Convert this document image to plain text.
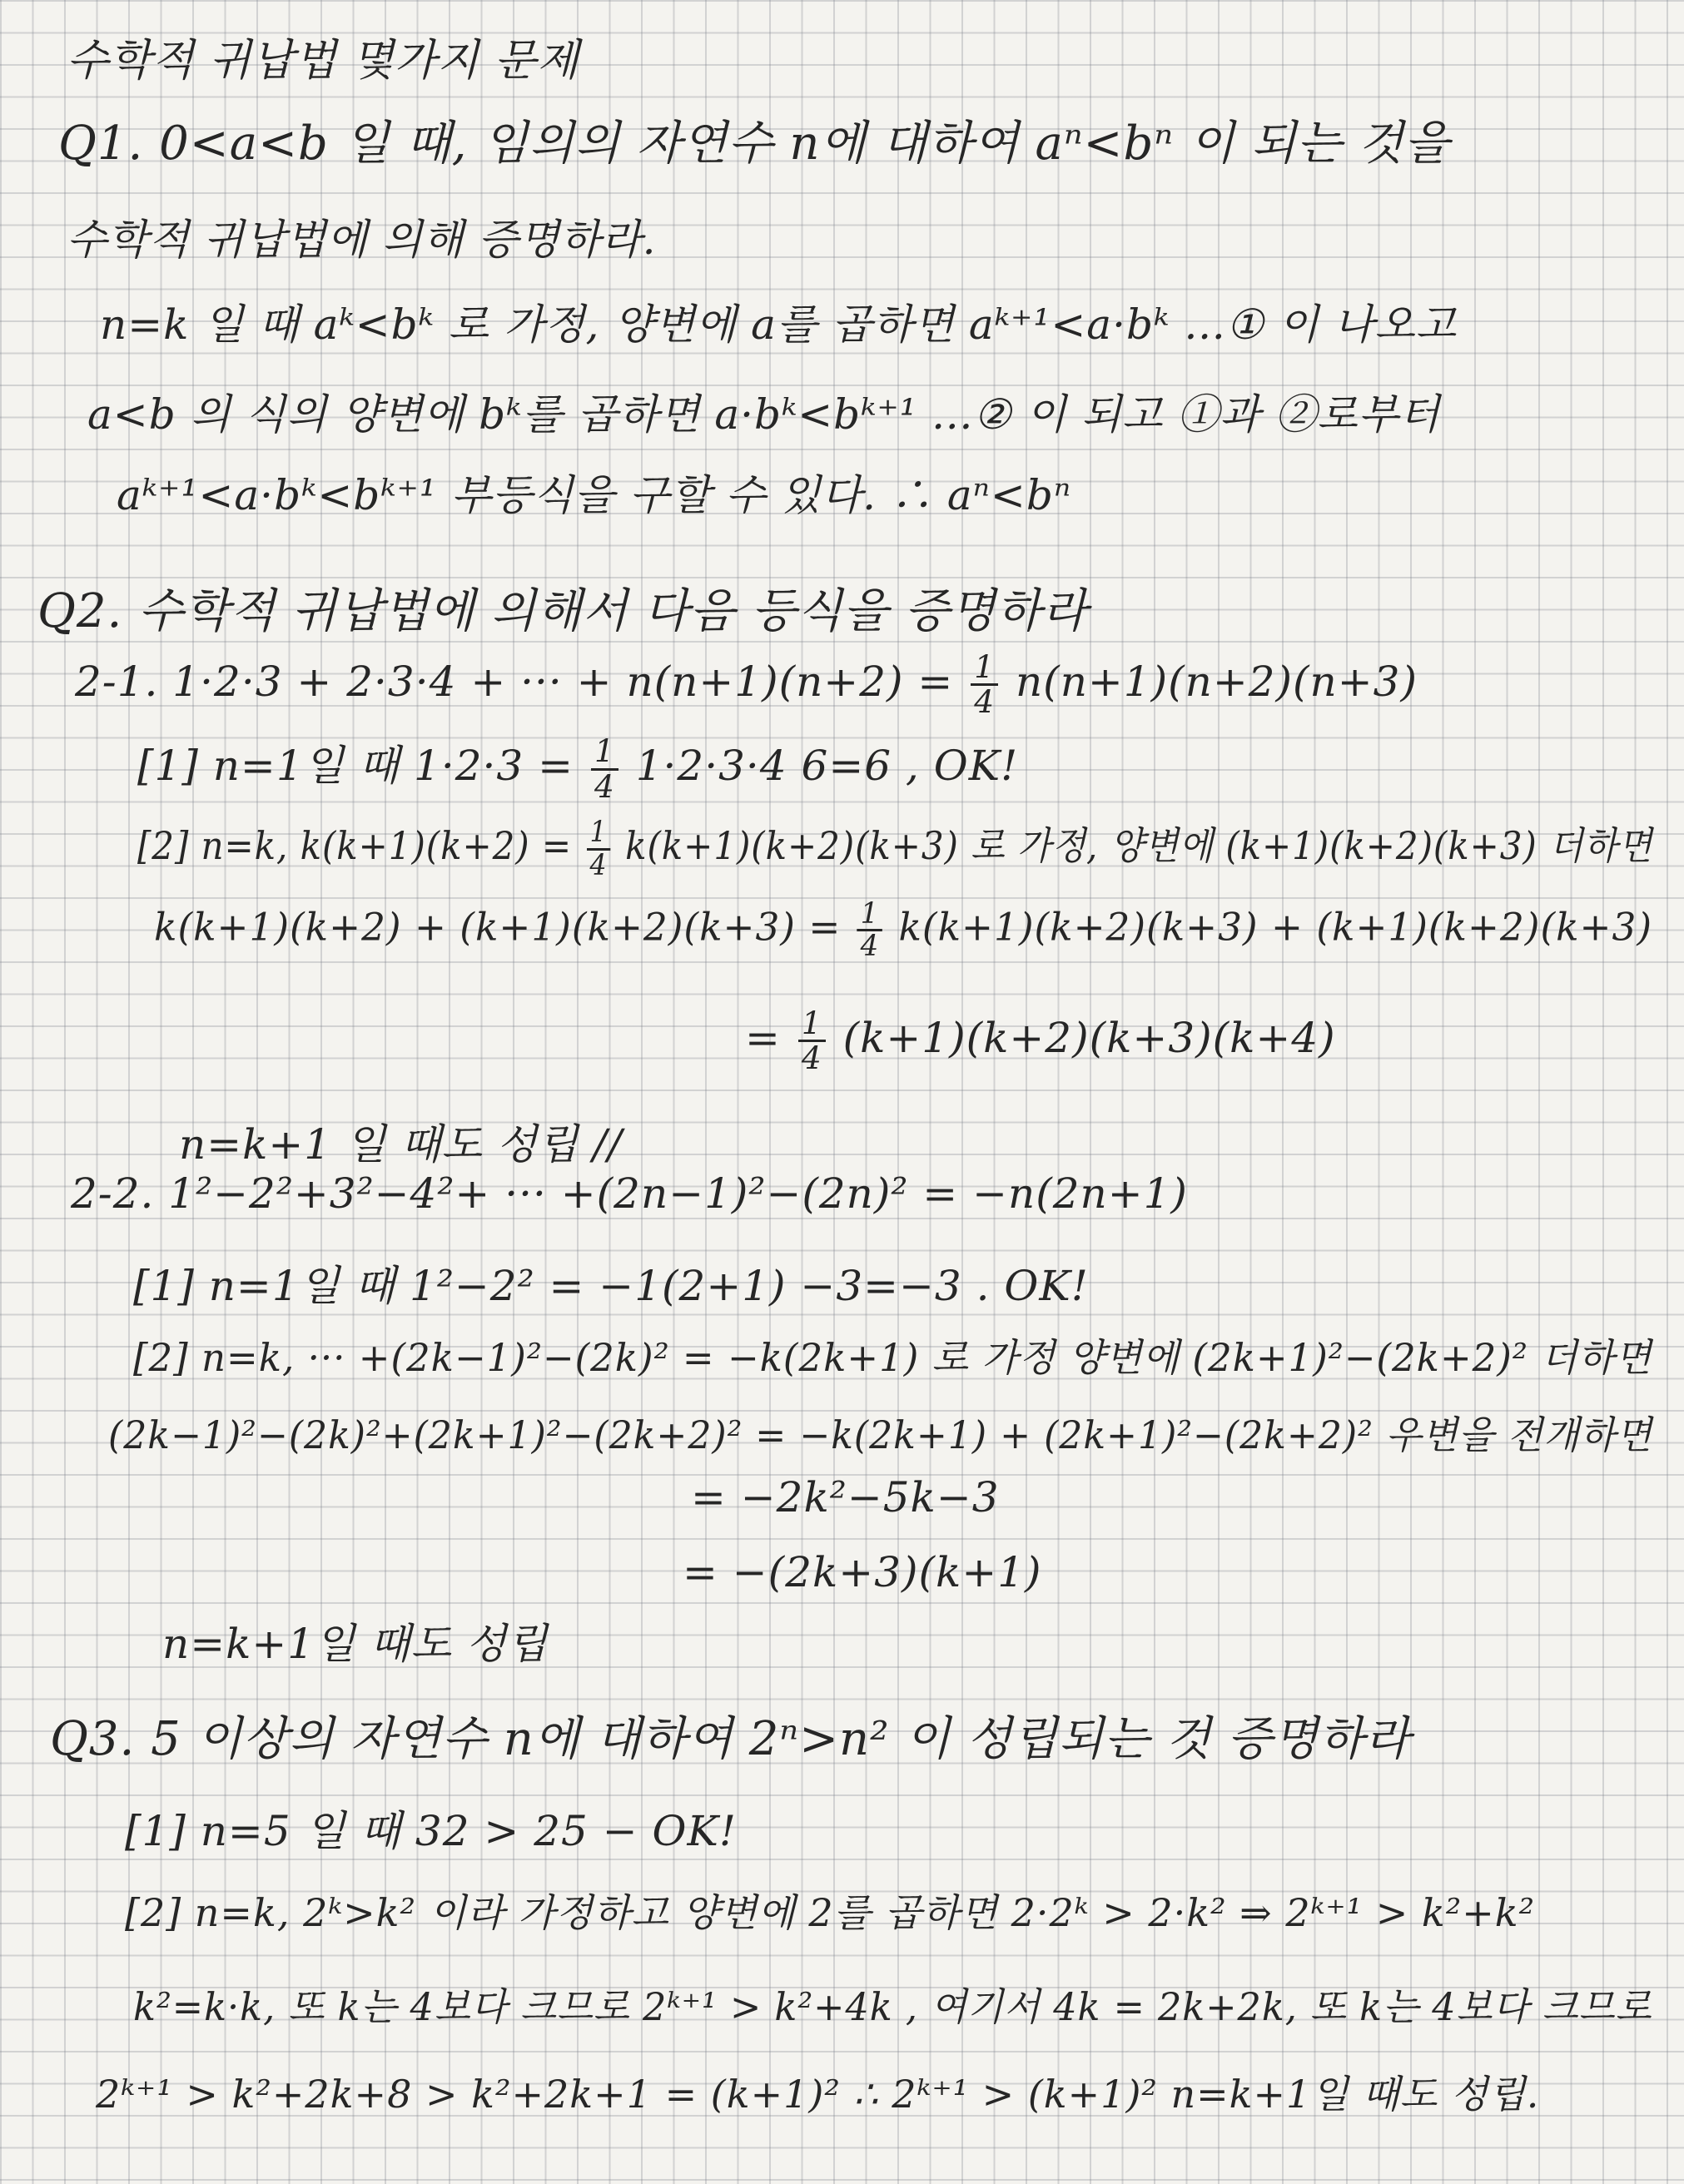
수학적 귀납법 몇가지 문제
Q1. 0<a<b 일 때, 임의의 자연수 n에 대하여 aⁿ<bⁿ 이 되는 것을
수학적 귀납법에 의해 증명하라.
n=k 일 때 aᵏ<bᵏ 로 가정, 양변에 a를 곱하면 aᵏ⁺¹<a·bᵏ …① 이 나오고
a<b 의 식의 양변에 bᵏ를 곱하면 a·bᵏ<bᵏ⁺¹ …② 이 되고 ①과 ②로부터
aᵏ⁺¹<a·bᵏ<bᵏ⁺¹ 부등식을 구할 수 있다. ∴ aⁿ<bⁿ
Q2. 수학적 귀납법에 의해서 다음 등식을 증명하라
2-1. 1·2·3 + 2·3·4 + ··· + $n(n+1)(n+2) = \frac{1}{4} n(n+1)(n+2)(n+3)$
[1] n=1일 때 $1\cdot 2\cdot 3 = \frac{1}{4} 1\cdot 2\cdot 3\cdot 4$ 6=6 , OK!
[2] n=k, $k(k+1)(k+2) = \frac{1}{4} k(k+1)(k+2)(k+3)$ 로 가정, 양변에 (k+1)(k+2)(k+3) 더하면
$k(k+1)(k+2) + (k+1)(k+2)(k+3) = \frac{1}{4} k(k+1)(k+2)(k+3) + (k+1)(k+2)(k+3)$
= $\frac{1}{4} (k+1)(k+2)(k+3)(k+4)$
n=k+1 일 때도 성립 //
2-2. 1²−2²+3²−4²+ ··· +(2n−1)²−(2n)² = −n(2n+1)
[1] n=1일 때 1²−2² = −1(2+1) −3=−3 . OK!
[2] n=k, ··· +(2k−1)²−(2k)² = −k(2k+1) 로 가정 양변에 (2k+1)²−(2k+2)² 더하면
(2k−1)²−(2k)²+(2k+1)²−(2k+2)² = −k(2k+1) + (2k+1)²−(2k+2)² 우변을 전개하면
= −2k²−5k−3
= −(2k+3)(k+1)
n=k+1일 때도 성립
Q3. 5 이상의 자연수 n에 대하여 2ⁿ>n² 이 성립되는 것 증명하라
[1] n=5 일 때 32 > 25 − OK!
[2] n=k, 2ᵏ>k² 이라 가정하고 양변에 2를 곱하면 2·2ᵏ > 2·k² ⇒ 2ᵏ⁺¹ > k²+k²
k²=k·k, 또 k는 4보다 크므로 2ᵏ⁺¹ > k²+4k , 여기서 4k = 2k+2k, 또 k는 4보다 크므로
2ᵏ⁺¹ > k²+2k+8 > k²+2k+1 = (k+1)² ∴ 2ᵏ⁺¹ > (k+1)² n=k+1일 때도 성립.
